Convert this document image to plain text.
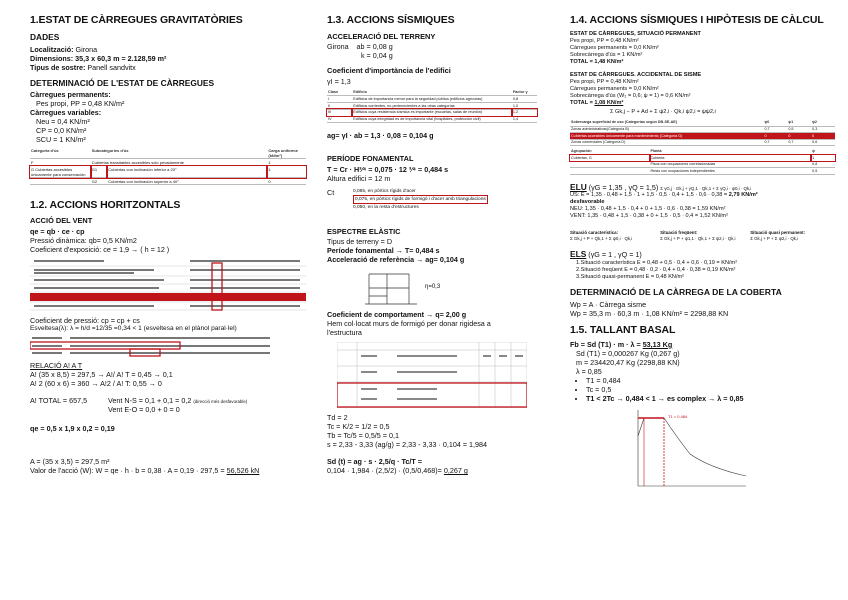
1.ESTAT DE CÀRREGUES GRAVITATÒRIES
DADES

Localització: Girona

Dimensions: 35,3 x 60,3 m = 2.128,59 m²

Tipus de sostre: Panell sandvitx

DETERMINACIÓ DE L'ESTAT DE CÀRREGUES

Càrregues permanents:

Pes propi, PP = 0,48 KN/m²

Càrregues variables:

Neu = 0,4 KN/m²

CP = 0,0 KN/m²

SCU = 1 KN/m²

Categoria d'ús	Subcategories d'ús		Carga uniforme (kN/m²)
F	Cubiertas transitables accesibles sólo privadamente		1
G Cubiertas accesibles únicamente para conservación	G1	Cubiertas con inclinación inferior a 20°	1
	G2	Cubiertas con inclinación superior a 40°	0
1.2. ACCIONS HORITZONTALS
ACCIÓ DEL VENT

qe = qb · ce · cp

Pressió dinàmica: qb= 0,5 KN/m2

Coeficient d'exposició: ce = 1,9 → ( h = 12 )

Coeficient de pressió: cp = cp + cs

Esveltesa(λ): λ = h/d =12/35 =0,34 < 1 (esveltesa en el plànol paral·lel)

RELACIÓ A! A T

A! (35 x 8,5) = 297,5 → A!/ A! T = 0,45 → 0,1

A! 2 (60 x 6) = 360 → A!2 / A! T: 0,55 → 0

A! TOTAL = 657,5	Vent N-S = 0,1 + 0,1 = 0,2 (direcció més desfavorable)

Vent E-O = 0,0 + 0 = 0

qe = 0,5 x 1,9 x 0,2 = 0,19

A = (35 x 3,5) = 297,5 m²

Valor de l'acció (W): W = qe · h · b = 0,38 · A = 0,19 · 297,5 = 56,526 kN

1.3. ACCIONS SÍSMIQUES
ACCELERACIÓ DEL TERRENY

Girona    ab = 0,08 g

k = 0,04 g

Coeficient d'importància de l'edifici

γI = 1,3

Clase	Edificio	Factor γ
I	Edificios de importancia menor para la seguridad pública (edificios agrícolas)	0,8
II	Edificios corrientes, no pertenecientes a las otras categorías	1,0
III	Edificios cuya resistencia sísmica es importante (escuelas, salas de reunión)	1,2
IV	Edificios cuya integridad es de importancia vital (hospitales, protección civil)	1,4

ag= γI · ab = 1,3 · 0,08 = 0,104 g

PERÍODE FONAMENTAL

T = Cr · H³⁄⁴ = 0,075 · 12 ³⁄⁴ = 0,484 s

Altura edifici = 12 m

Ct	0,085, en pòrtics rígids d'acer

0,075, en pòrtics rígids de formigó i d'acer amb triangulacions

0,050, en la resta d'estructures

ESPECTRE ELÀSTIC

Tipus de terreny = D

Període fonamental → T= 0,484 s

Acceleració de referència → ag= 0,104 g

η=0,3

Coeficient de comportament → q= 2,00 g

Hem col·locat murs de formigó per donar rigidesa a

l'estructura

Td = 2

Tc = K/2 = 1/2 = 0,5

Tb = Tc/5 = 0,5/5 = 0,1

s = 2,33 - 3,33 (ag/g) = 2,33 - 3,33 · 0,104 = 1,984

Sd (t) = ag · s · 2,5/q · Tc/T =

0,104 · 1,984 · (2,5/2) · (0,5/0,468)= 0,267 g

1.4. ACCIONS SÍSMIQUES I HIPÒTESIS DE CÀLCUL

ESTAT DE CÀRREGUES, SITUACIÓ PERMANENT

Pes propi, PP = 0,48 KN/m²

Càrregues permanents = 0,0 KN/m²

Sobrecàrrega d'ús = 1 KN/m²

TOTAL = 1,48 KN/m²

ESTAT DE CÀRREGUES. ACCIDENTAL DE SISME

Pes propi, PP = 0,48 KN/m²

Càrregues permanents = 0,0 KN/m²

Sobrecàrrega d'ús (W₂ = 0,6; ψ = 1) = 0,6 KN/m²

TOTAL = 1,08 KN/m²

Σ Gk,j − P + Ad + Σ ψ2,i · Qk,i ψ2,i = ψψ2,i

Sobrecarga superficial de uso (Categorías según DB-SE-AE)	ψ0	ψ1	ψ2
Zonas administrativas(Categoría B)	0,7	0,5	0,3
Cubiertas accesibles únicamente para mantenimiento (Categoría G)	0	0	0
Zonas comerciales (Categoría D)	0,7	0,7	0,6
Agrupación	Planta	ψ
Cubiertas, G	Cubierta	1
	Pisos con ocupaciones correlacionadas	0,8
	Resto con ocupaciones independientes	0,5

ELU (γG = 1,35 , γQ = 1,5) Σ γG,j · Gk,j + γQ,1 · Qk,1 + Σ γQ,i · ψ0,i · Qk,i

US: E = 1,35 · 0,48 + 1,5 · 1 + 1,5 · 0,5 · 0,4 + 1,5 · 0,6 · 0,38 = 2,79 KN/m²

desfavorable

NEU: 1,35 · 0,48 + 1,5 · 0,4 + 0 + 1,5 · 0,6 · 0,38 = 1,59 KN/m²

VENT: 1,35 · 0,48 + 1,5 · 0,38 + 0 + 1,5 · 0,5 · 0,4 = 1,52 KN/m²

Situació característica:

Σ Gk,j + P + Qk,1 + Σ ψ0,i · Qk,i

Situació freqüent:

Σ Gk,j + P + ψ1,1 · Qk,1 + Σ ψ2,i · Qk,i

Situació quasi permanent:

Σ Gk,j + P + Σ ψ2,i · Qk,i

ELS (γG = 1 , γQ = 1)

1.Situació característica E = 0,48 + 0,5 · 0,4 + 0,6 · 0,19 = KN/m²

2.Situació freqüent E = 0,48 · 0,2 · 0,4 + 0,4 · 0,38 = 0,19 KN/m²

3.Situació quasi-permanent E = 0,48 KN/m²

DETERMINACIÓ DE LA CÀRREGA DE LA COBERTA

Wp = A · Càrrega sisme

Wp = 35,3 m · 60,3 m · 1,08 KN/m² = 2298,88 KN

1.5. TALLANT BASAL

Fb = Sd (T1) · m · λ = 53,13 Kg

Sd (T1) = 0,000267 Kg (0,267 g)

m = 234420,47 Kg (2298,88 KN)

λ = 0,85

• T1 = 0,484
• Tc = 0,5
• T1 < 2Tc → 0,484 < 1 → es complex → λ = 0,85
T1 = 0,484
